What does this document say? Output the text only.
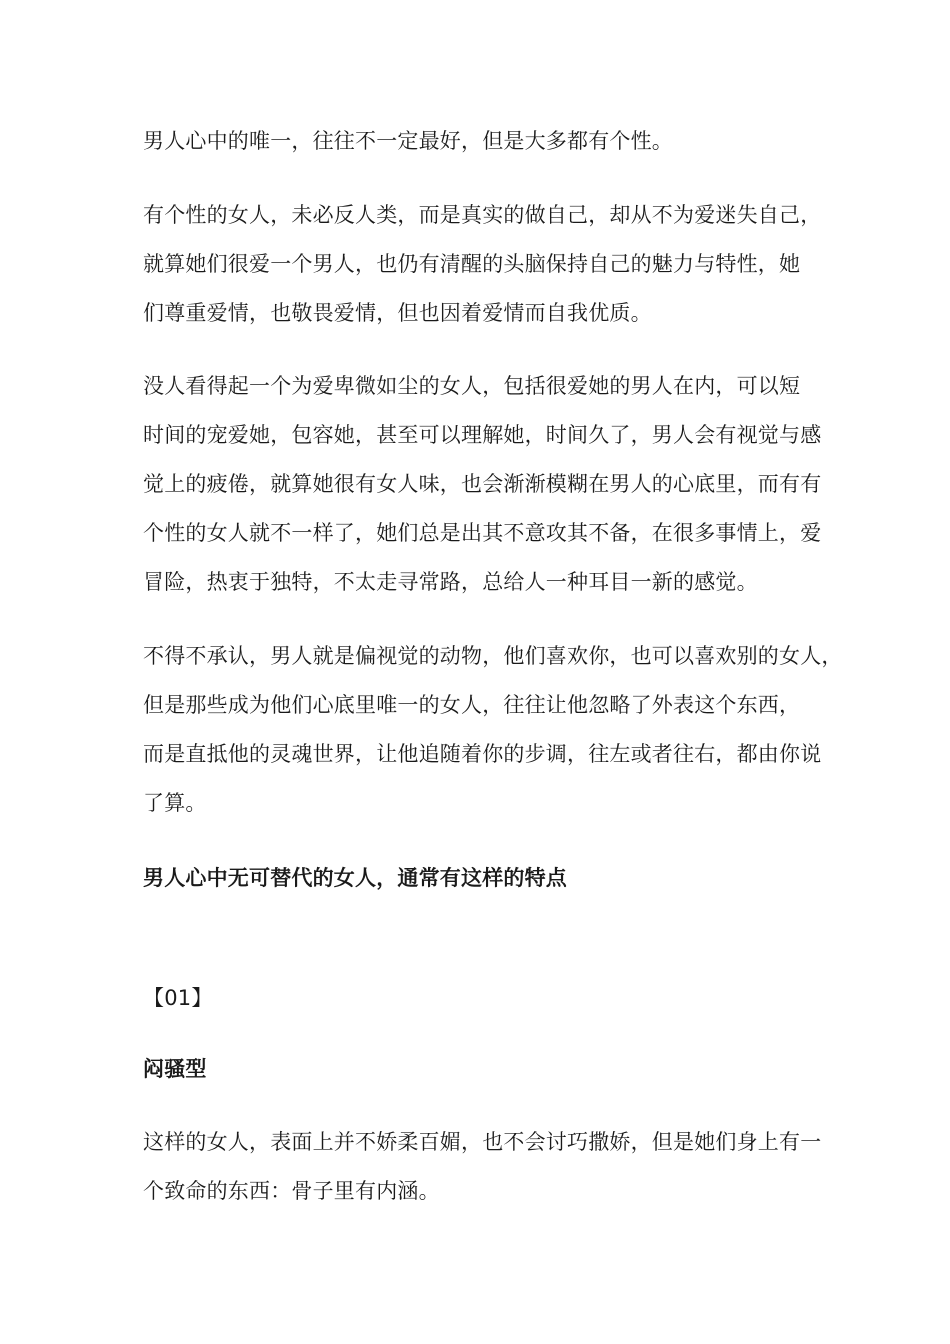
男人心中的唯一，往往不一定最好，但是大多都有个性。
有个性的女人，未必反人类，而是真实的做自己，却从不为爱迷失自己，
就算她们很爱一个男人，也仍有清醒的头脑保持自己的魅力与特性，她
们尊重爱情，也敬畏爱情，但也因着爱情而自我优质。
没人看得起一个为爱卑微如尘的女人，包括很爱她的男人在内，可以短
时间的宠爱她，包容她，甚至可以理解她，时间久了，男人会有视觉与感
觉上的疲倦，就算她很有女人味，也会渐渐模糊在男人的心底里，而有有
个性的女人就不一样了，她们总是出其不意攻其不备，在很多事情上，爱
冒险，热衷于独特，不太走寻常路，总给人一种耳目一新的感觉。
不得不承认，男人就是偏视觉的动物，他们喜欢你，也可以喜欢别的女人，
但是那些成为他们心底里唯一的女人，往往让他忽略了外表这个东西，
而是直抵他的灵魂世界，让他追随着你的步调，往左或者往右，都由你说
了算。
男人心中无可替代的女人，通常有这样的特点
【01】
闷骚型
这样的女人，表面上并不娇柔百媚，也不会讨巧撒娇，但是她们身上有一
个致命的东西：骨子里有内涵。
